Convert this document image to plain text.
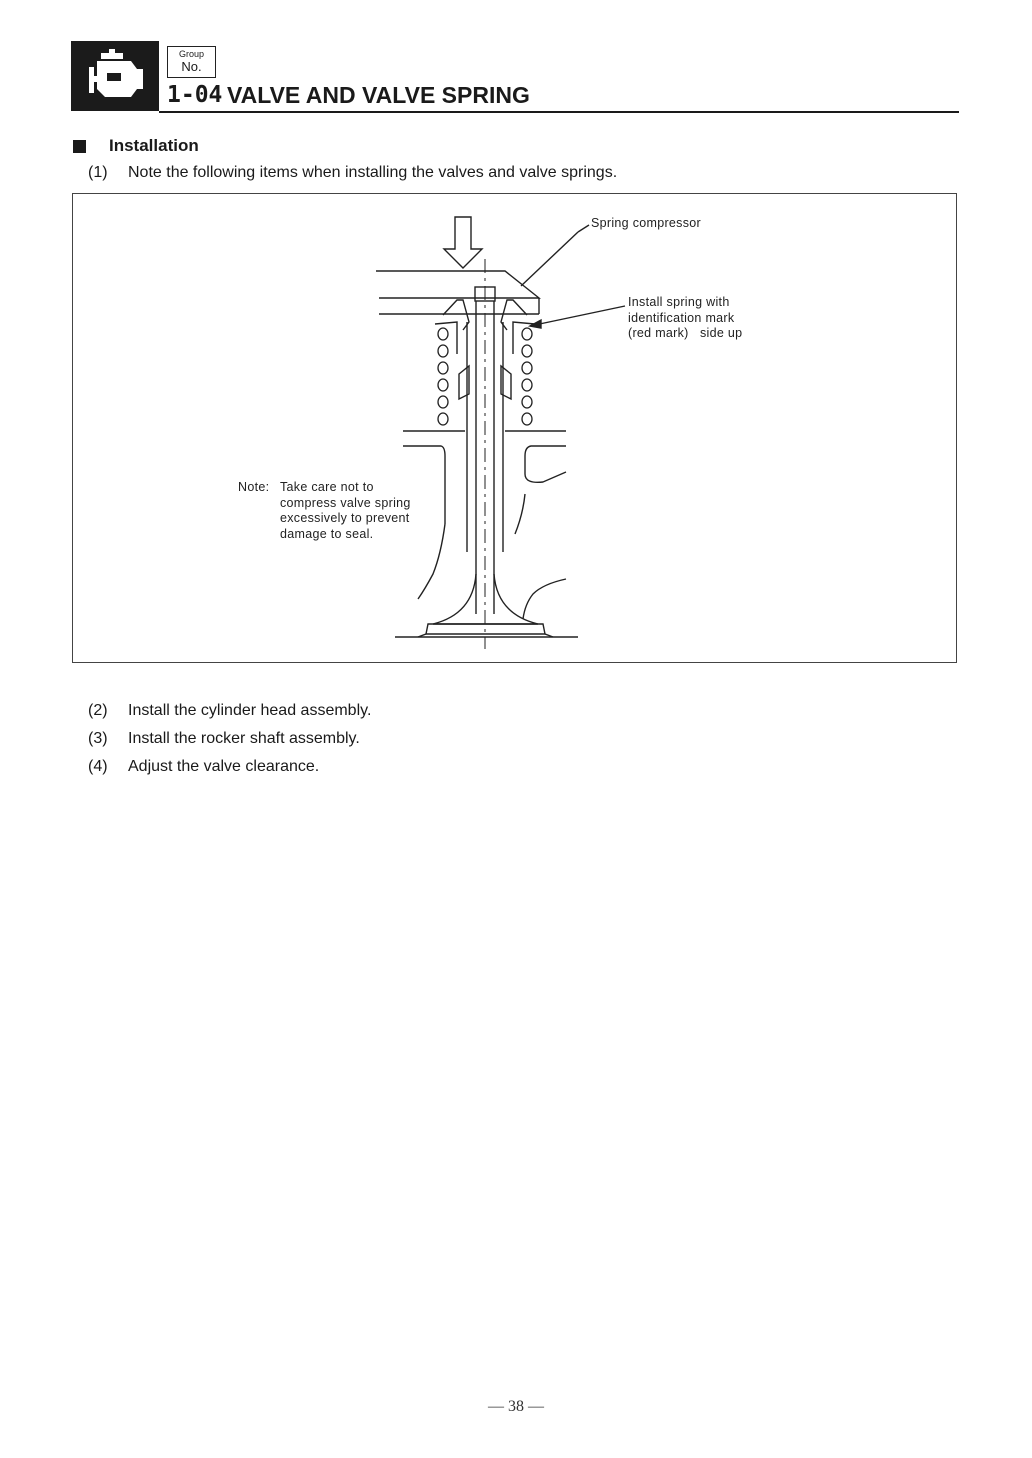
Group
No.
1-04 VALVE AND VALVE SPRING
Installation
(1) Note the following items when installing the valves and valve springs.
Spring compressor
Install spring with
identification mark
(red mark)   side up
Note: Take care not to
compress valve spring
excessively to prevent
damage to seal.
(2) Install the cylinder head assembly.
(3) Install the rocker shaft assembly.
(4) Adjust the valve clearance.
— 38 —
